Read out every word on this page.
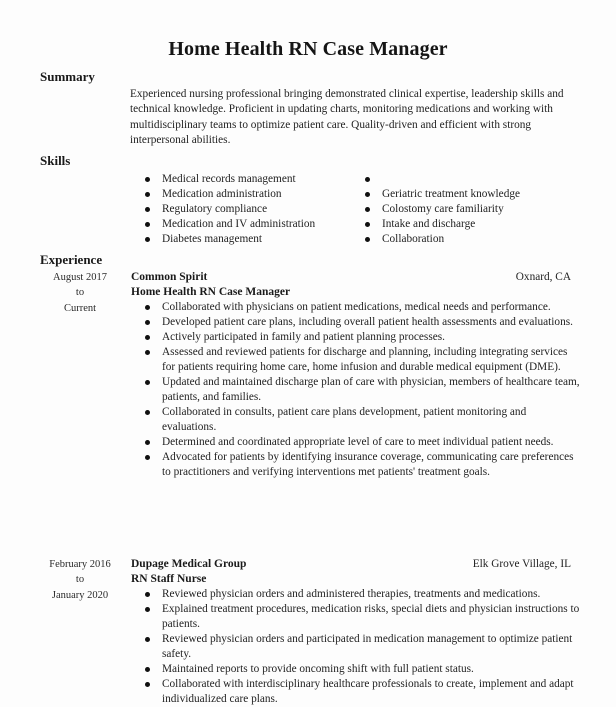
Home Health RN Case Manager
Summary
Experienced nursing professional bringing demonstrated clinical expertise, leadership skills and technical knowledge. Proficient in updating charts, monitoring medications and working with multidisciplinary teams to optimize patient care. Quality-driven and efficient with strong interpersonal abilities.
Skills
Medical records management
Medication administration
Regulatory compliance
Medication and IV administration
Diabetes management

Geriatric treatment knowledge
Colostomy care familiarity
Intake and discharge
Collaboration
Experience
August 2017
to
Current
Common Spirit	Oxnard, CA
Home Health RN Case Manager
Collaborated with physicians on patient medications, medical needs and performance.
Developed patient care plans, including overall patient health assessments and evaluations.
Actively participated in family and patient planning processes.
Assessed and reviewed patients for discharge and planning, including integrating services for patients requiring home care, home infusion and durable medical equipment (DME).
Updated and maintained discharge plan of care with physician, members of healthcare team, patients, and families.
Collaborated in consults, patient care plans development, patient monitoring and evaluations.
Determined and coordinated appropriate level of care to meet individual patient needs.
Advocated for patients by identifying insurance coverage, communicating care preferences to practitioners and verifying interventions met patients' treatment goals.
February 2016
to
January 2020
Dupage Medical Group	Elk Grove Village, IL
RN Staff Nurse
Reviewed physician orders and administered therapies, treatments and medications.
Explained treatment procedures, medication risks, special diets and physician instructions to patients.
Reviewed physician orders and participated in medication management to optimize patient safety.
Maintained reports to provide oncoming shift with full patient status.
Collaborated with interdisciplinary healthcare professionals to create, implement and adapt individualized care plans.
